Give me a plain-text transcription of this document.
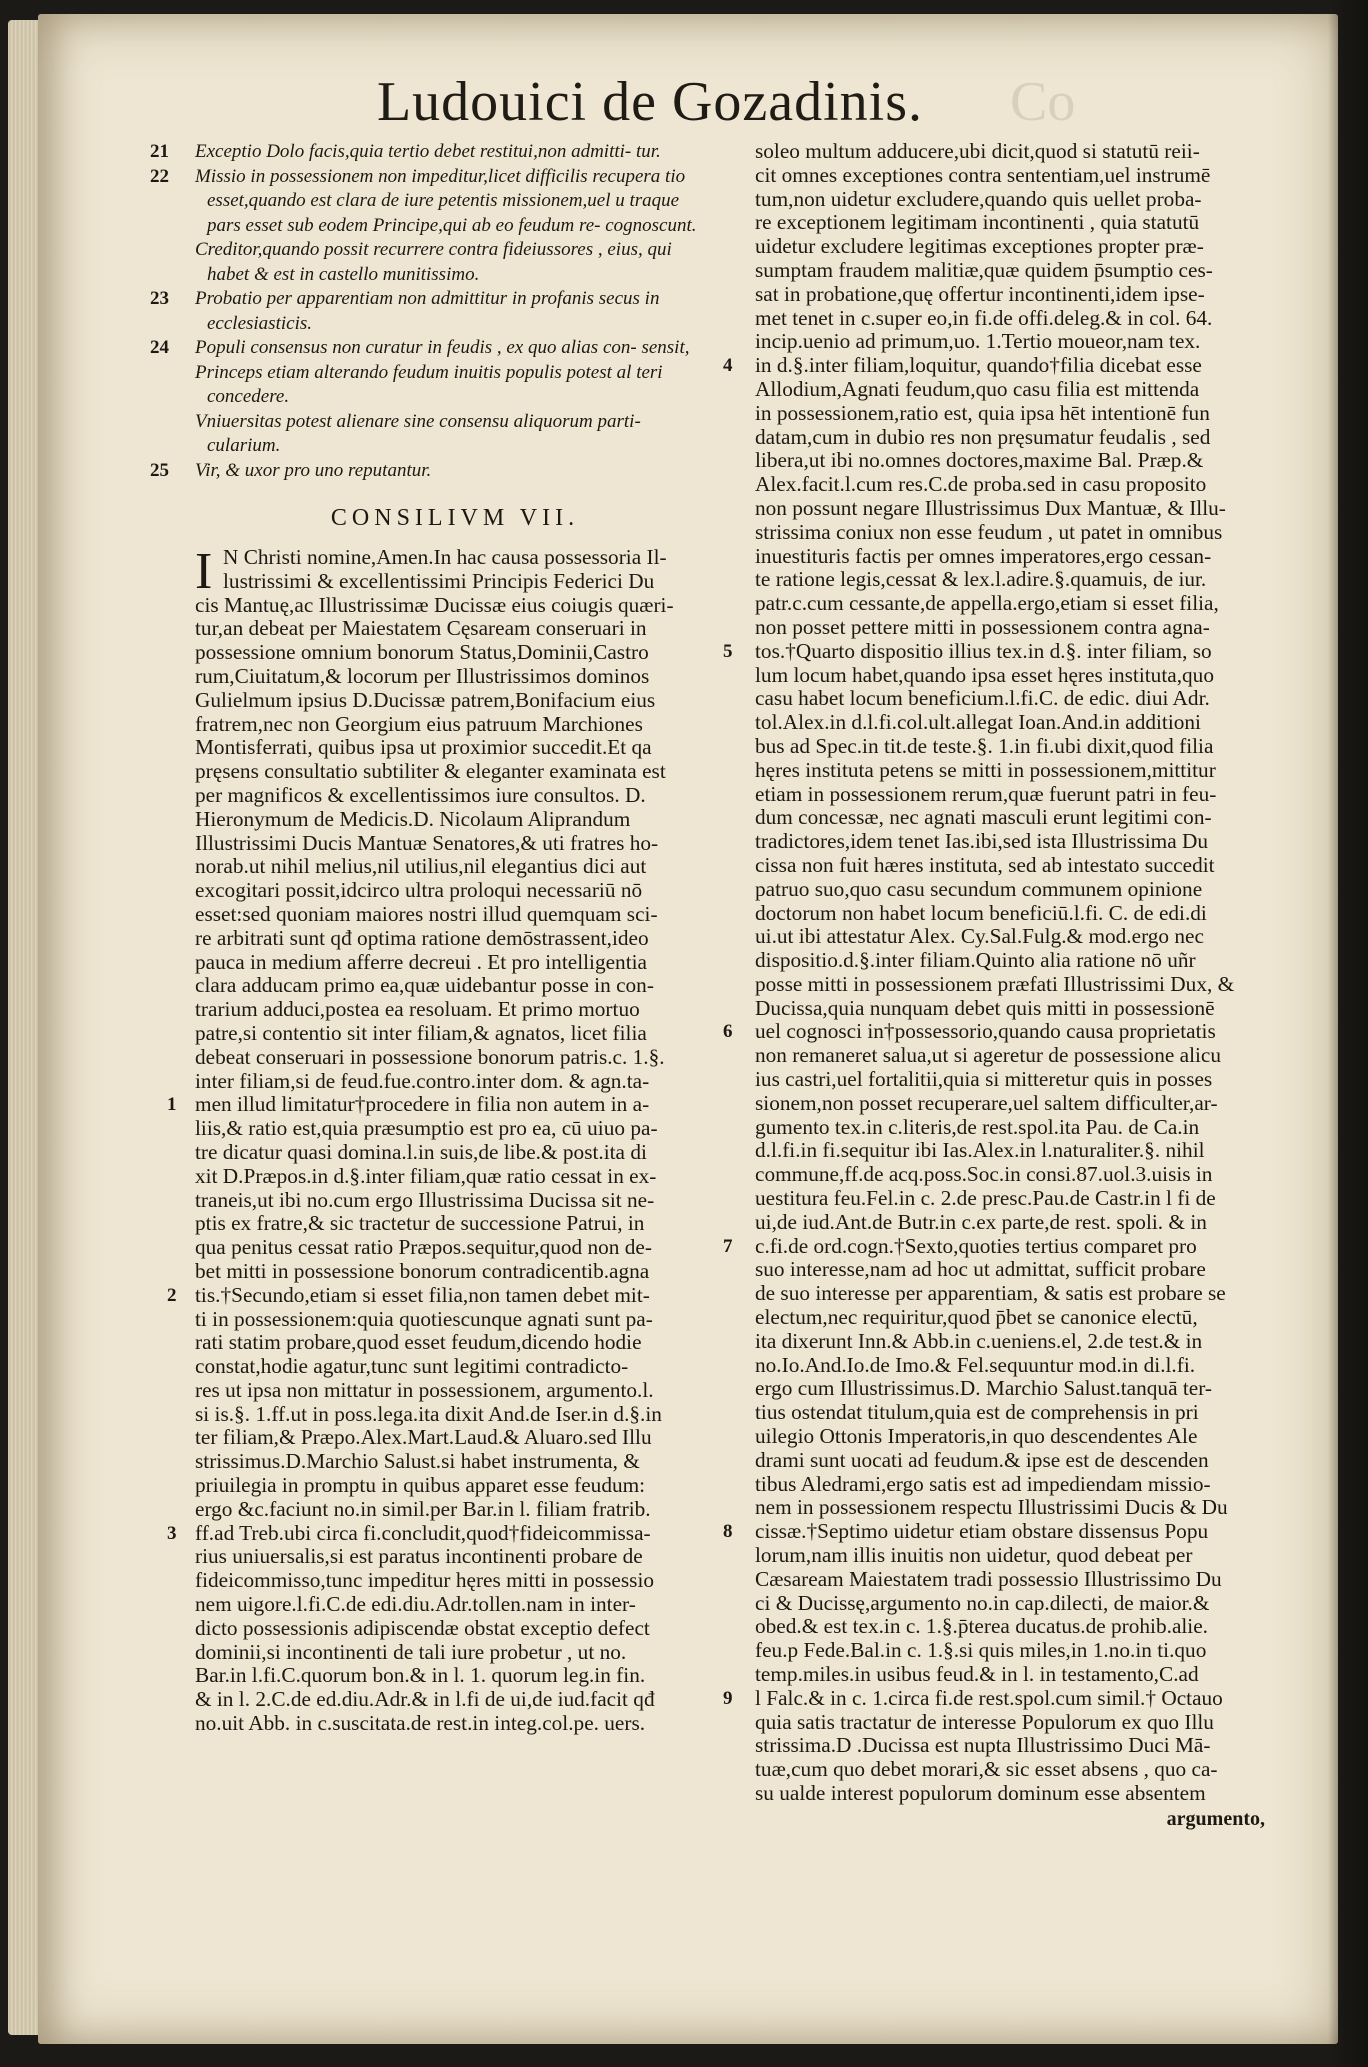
Ludouici de Gozadinis.	Co

21 Exceptio Dolo facis,quia tertio debet restitui,non admitti- tur.

22 Missio in possessionem non impeditur,licet difficilis recupera tio esset,quando est clara de iure petentis missionem,uel u traque pars esset sub eodem Principe,qui ab eo feudum re- cognoscunt.

Creditor,quando possit recurrere contra fideiussores , eius, qui habet & est in castello munitissimo.

23 Probatio per apparentiam non admittitur in profanis secus in ecclesiasticis.

24 Populi consensus non curatur in feudis , ex quo alias con- sensit,

Princeps etiam alterando feudum inuitis populis potest al teri concedere.

Vniuersitas potest alienare sine consensu aliquorum parti- cularium.

25 Vir, & uxor pro uno reputantur.

CONSILIVM VII.
I N Christi nomine,Amen.In hac causa possessoria Il-
lustrissimi & excellentissimi Principis Federici Du
cis Mantuę,ac Illustrissimæ Ducissæ eius coiugis quæri-
tur,an debeat per Maiestatem Cęsaream conseruari in
possessione omnium bonorum Status,Dominii,Castro
rum,Ciuitatum,& locorum per Illustrissimos dominos
Gulielmum ipsius D.Ducissæ patrem,Bonifacium eius
fratrem,nec non Georgium eius patruum Marchiones
Montisferrati, quibus ipsa ut proximior succedit.Et qa
pręsens consultatio subtiliter & eleganter examinata est
per magnificos & excellentissimos iure consultos. D.
Hieronymum de Medicis.D. Nicolaum Aliprandum
Illustrissimi Ducis Mantuæ Senatores,& uti fratres ho-
norab.ut nihil melius,nil utilius,nil elegantius dici aut
excogitari possit,idcirco ultra proloqui necessariū nō
esset:sed quoniam maiores nostri illud quemquam sci-
re arbitrati sunt qđ optima ratione demōstrassent,ideo
pauca in medium afferre decreui . Et pro intelligentia
clara adducam primo ea,quæ uidebantur posse in con-
trarium adduci,postea ea resoluam. Et primo mortuo
patre,si contentio sit inter filiam,& agnatos, licet filia
debeat conseruari in possessione bonorum patris.c. 1.§.
inter filiam,si de feud.fue.contro.inter dom. & agn.ta-
1 men illud limitatur†procedere in filia non autem in a-
liis,& ratio est,quia præsumptio est pro ea, cū uiuo pa-
tre dicatur quasi domina.l.in suis,de libe.& post.ita di
xit D.Præpos.in d.§.inter filiam,quæ ratio cessat in ex-
traneis,ut ibi no.cum ergo Illustrissima Ducissa sit ne-
ptis ex fratre,& sic tractetur de successione Patrui, in
qua penitus cessat ratio Præpos.sequitur,quod non de-
bet mitti in possessione bonorum contradicentib.agna
2 tis.†Secundo,etiam si esset filia,non tamen debet mit-
ti in possessionem:quia quotiescunque agnati sunt pa-
rati statim probare,quod esset feudum,dicendo hodie
constat,hodie agatur,tunc sunt legitimi contradicto-
res ut ipsa non mittatur in possessionem, argumento.l.
si is.§. 1.ff.ut in poss.lega.ita dixit And.de Iser.in d.§.in
ter filiam,& Præpo.Alex.Mart.Laud.& Aluaro.sed Illu
strissimus.D.Marchio Salust.si habet instrumenta, &
priuilegia in promptu in quibus apparet esse feudum:
ergo &c.faciunt no.in simil.per Bar.in l. filiam fratrib.
3 ff.ad Treb.ubi circa fi.concludit,quod†fideicommissa-
rius uniuersalis,si est paratus incontinenti probare de
fideicommisso,tunc impeditur hęres mitti in possessio
nem uigore.l.fi.C.de edi.diu.Adr.tollen.nam in inter-
dicto possessionis adipiscendæ obstat exceptio defect
dominii,si incontinenti de tali iure probetur , ut no.
Bar.in l.fi.C.quorum bon.& in l. 1. quorum leg.in fin.
& in l. 2.C.de ed.diu.Adr.& in l.fi de ui,de iud.facit qđ
no.uit Abb. in c.suscitata.de rest.in integ.col.pe. uers.
soleo multum adducere,ubi dicit,quod si statutū reii-
cit omnes exceptiones contra sententiam,uel instrumē
tum,non uidetur excludere,quando quis uellet proba-
re exceptionem legitimam incontinenti , quia statutū
uidetur excludere legitimas exceptiones propter præ-
sumptam fraudem malitiæ,quæ quidem p̄sumptio ces-
sat in probatione,quę offertur incontinenti,idem ipse-
met tenet in c.super eo,in fi.de offi.deleg.& in col. 64.
incip.uenio ad primum,uo. 1.Tertio moueor,nam tex.
4 in d.§.inter filiam,loquitur, quando†filia dicebat esse
Allodium,Agnati feudum,quo casu filia est mittenda
in possessionem,ratio est, quia ipsa hēt intentionē fun
datam,cum in dubio res non pręsumatur feudalis , sed
libera,ut ibi no.omnes doctores,maxime Bal. Præp.&
Alex.facit.l.cum res.C.de proba.sed in casu proposito
non possunt negare Illustrissimus Dux Mantuæ, & Illu-
strissima coniux non esse feudum , ut patet in omnibus
inuestituris factis per omnes imperatores,ergo cessan-
te ratione legis,cessat & lex.l.adire.§.quamuis, de iur.
patr.c.cum cessante,de appella.ergo,etiam si esset filia,
non posset pettere mitti in possessionem contra agna-
5 tos.†Quarto dispositio illius tex.in d.§. inter filiam, so
lum locum habet,quando ipsa esset hęres instituta,quo
casu habet locum beneficium.l.fi.C. de edic. diui Adr.
tol.Alex.in d.l.fi.col.ult.allegat Ioan.And.in additioni
bus ad Spec.in tit.de teste.§. 1.in fi.ubi dixit,quod filia
hęres instituta petens se mitti in possessionem,mittitur
etiam in possessionem rerum,quæ fuerunt patri in feu-
dum concessæ, nec agnati masculi erunt legitimi con-
tradictores,idem tenet Ias.ibi,sed ista Illustrissima Du
cissa non fuit hæres instituta, sed ab intestato succedit
patruo suo,quo casu secundum communem opinione
doctorum non habet locum beneficiū.l.fi. C. de edi.di
ui.ut ibi attestatur Alex. Cy.Sal.Fulg.& mod.ergo nec
dispositio.d.§.inter filiam.Quinto alia ratione nō uñr
posse mitti in possessionem præfati Illustrissimi Dux, &
Ducissa,quia nunquam debet quis mitti in possessionē
6 uel cognosci in†possessorio,quando causa proprietatis
non remaneret salua,ut si ageretur de possessione alicu
ius castri,uel fortalitii,quia si mitteretur quis in posses
sionem,non posset recuperare,uel saltem difficulter,ar-
gumento tex.in c.literis,de rest.spol.ita Pau. de Ca.in
d.l.fi.in fi.sequitur ibi Ias.Alex.in l.naturaliter.§. nihil
commune,ff.de acq.poss.Soc.in consi.87.uol.3.uisis in
uestitura feu.Fel.in c. 2.de presc.Pau.de Castr.in l fi de
ui,de iud.Ant.de Butr.in c.ex parte,de rest. spoli. & in
7 c.fi.de ord.cogn.†Sexto,quoties tertius comparet pro
suo interesse,nam ad hoc ut admittat, sufficit probare
de suo interesse per apparentiam, & satis est probare se
electum,nec requiritur,quod p̄bet se canonice electū,
ita dixerunt Inn.& Abb.in c.ueniens.el, 2.de test.& in
no.Io.And.Io.de Imo.& Fel.sequuntur mod.in di.l.fi.
ergo cum Illustrissimus.D. Marchio Salust.tanquā ter-
tius ostendat titulum,quia est de comprehensis in pri
uilegio Ottonis Imperatoris,in quo descendentes Ale
drami sunt uocati ad feudum.& ipse est de descenden
tibus Aledrami,ergo satis est ad impediendam missio-
nem in possessionem respectu Illustrissimi Ducis & Du
8 cissæ.†Septimo uidetur etiam obstare dissensus Popu
lorum,nam illis inuitis non uidetur, quod debeat per
Cæsaream Maiestatem tradi possessio Illustrissimo Du
ci & Ducissę,argumento no.in cap.dilecti, de maior.&
obed.& est tex.in c. 1.§.p̄terea ducatus.de prohib.alie.
feu.p Fede.Bal.in c. 1.§.si quis miles,in 1.no.in ti.quo
temp.miles.in usibus feud.& in l. in testamento,C.ad
9 l Falc.& in c. 1.circa fi.de rest.spol.cum simil.† Octauo
quia satis tractatur de interesse Populorum ex quo Illu
strissima.D .Ducissa est nupta Illustrissimo Duci Mā-
tuæ,cum quo debet morari,& sic esset absens , quo ca-
su ualde interest populorum dominum esse absentem
argumento,
